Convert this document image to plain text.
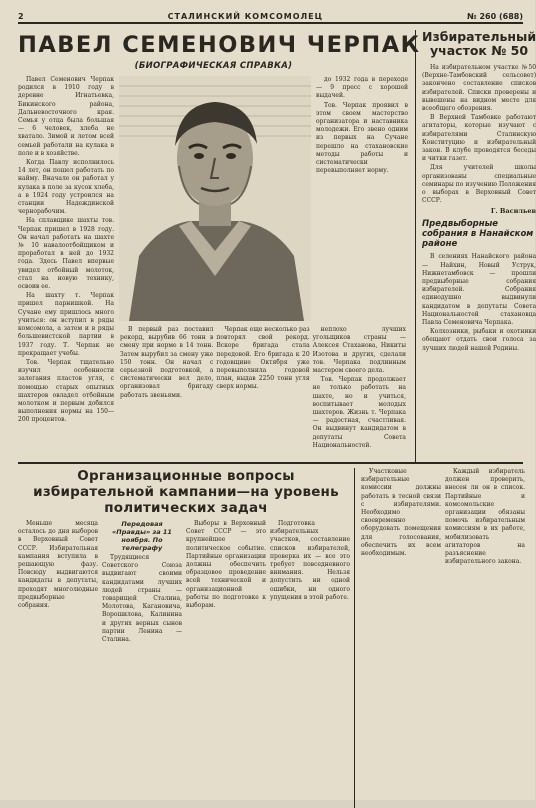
2	СТАЛИНСКИЙ КОМСОМОЛЕЦ	№ 260 (688)
ПАВЕЛ СЕМЕНОВИЧ ЧЕРПАК
(БИОГРАФИЧЕСКАЯ СПРАВКА)

Павел Семенович Черпак родился в 1910 году в деревне Игнатьевка, Бикинского района, Дальневосточного края. Семья у отца была большая — 6 человек, хлеба не хватало. Зимой и летом всей семьей работали на кулака в поле и в хозяйстве.

Когда Павлу исполнилось 14 лет, он пошел работать по найму. Вначале он работал у кулака в поле за кусок хлеба, а в 1924 году устроился на станции Надеждинской чернорабочим.

На сплавщике шахты тов. Черпак пришел в 1928 году. Он начал работать на шахте № 10 навалоотбойщиком и проработал в ней до 1932 года. Здесь Павел впервые увидел отбойный молоток, стал на новую технику, освоив ее.

На шахту т. Черпак пришел парнишкой. На Сучане ему пришлось много учиться: он вступил в ряды комсомола, а затем и в ряды большевистской партии в 1937 году. Т. Черпак не прекращает учебы.

Тов. Черпак тщательно изучил особенности залегания пластов угля, с помощью старых опытных шахтеров овладел отбойным молотком и первым добился выполнения нормы на 150—200 процентов.

до 1932 года в переходе — 9 пресс с хорошей выдачей.

Тов. Черпак проявил в этом своем мастерство организатора и наставника молодежи. Его звено одним из первых на Сучане перешло на стахановские методы работы и систематически перевыполняет норму.

В первый раз поставил рекорд, вырубив 66 тонн в смену при норме в 14 тонн. Затем вырубил за смену уже 150 тонн. Он начал с серьезной подготовкой, а систематически вел дело, организовал бригаду работать звеньями.

Черпак еще несколько раз повторял свой рекорд. Вскоре бригада стала передовой. Его бригада к 20 годовщине Октября уже перевыполнила годовой план, выдав 2250 тонн угля сверх нормы.

неплохо лучших угольщиков страны — Алексея Стаханова, Никиты Изотова и других, сделали тов. Черпака подлинным мастером своего дела.

Тов. Черпак продолжает не только работать на шахте, но и учиться, воспитывает молодых шахтеров. Жизнь т. Черпака — радостная, счастливая. Он выдвинут кандидатом в депутаты Совета Национальностей.

Избирательный участок № 50

На избирательном участке №50 (Верхне-Тамбовский сельсовет) закончено составление списков избирателей. Списки проверены и вывешены на видном месте для всеобщего обозрения.

В Верхней Тамбовке работают агитаторы, которые изучают с избирателями Сталинскую Конституцию и избирательный закон. В клубе проводятся беседы и читки газет.

Для учителей школы организованы специальные семинары по изучению Положения о выборах в Верховный Совет СССР.

Г. Васильев
Предвыборные собрания в Нанайском районе

В селениях Нанайского района — Найхин, Новый Уструк, Нижнетамбовск — прошли предвыборные собрания избирателей. Собрания единодушно выдвинули кандидатом в депутаты Совета Национальностей стахановца Павла Семеновича Черпака.

Колхозники, рыбаки и охотники обещают отдать свои голоса за лучших людей нашей Родины.

Организационные вопросы избирательной кампании—на уровень политических задач

Меньше месяца осталось до дня выборов в Верховный Совет СССР. Избирательная кампания вступила в решающую фазу. Повсюду выдвигаются кандидаты в депутаты, проходят многолюдные предвыборные собрания.

Передовая «Правды» за 11 ноября. По телеграфу

Трудящиеся Советского Союза выдвигают своими кандидатами лучших людей страны — товарищей Сталина, Молотова, Кагановича, Ворошилова, Калинина и других верных сынов партии Ленина — Сталина.

Выборы в Верховный Совет СССР — это крупнейшее политическое событие. Партийные организации должны обеспечить образцовое проведение всей технической и организационной работы по подготовке к выборам.

Подготовка избирательных участков, составление списков избирателей, проверка их — все это требует повседневного внимания. Нельзя допустить ни одной ошибки, ни одного упущения в этой работе.

Участковые избирательные комиссии должны работать в тесной связи с избирателями. Необходимо своевременно оборудовать помещения для голосования, обеспечить их всем необходимым.

Каждый избиратель должен проверить, внесен ли он в список. Партийные и комсомольские организации обязаны помочь избирательным комиссиям в их работе, мобилизовать агитаторов на разъяснение избирательного закона.
